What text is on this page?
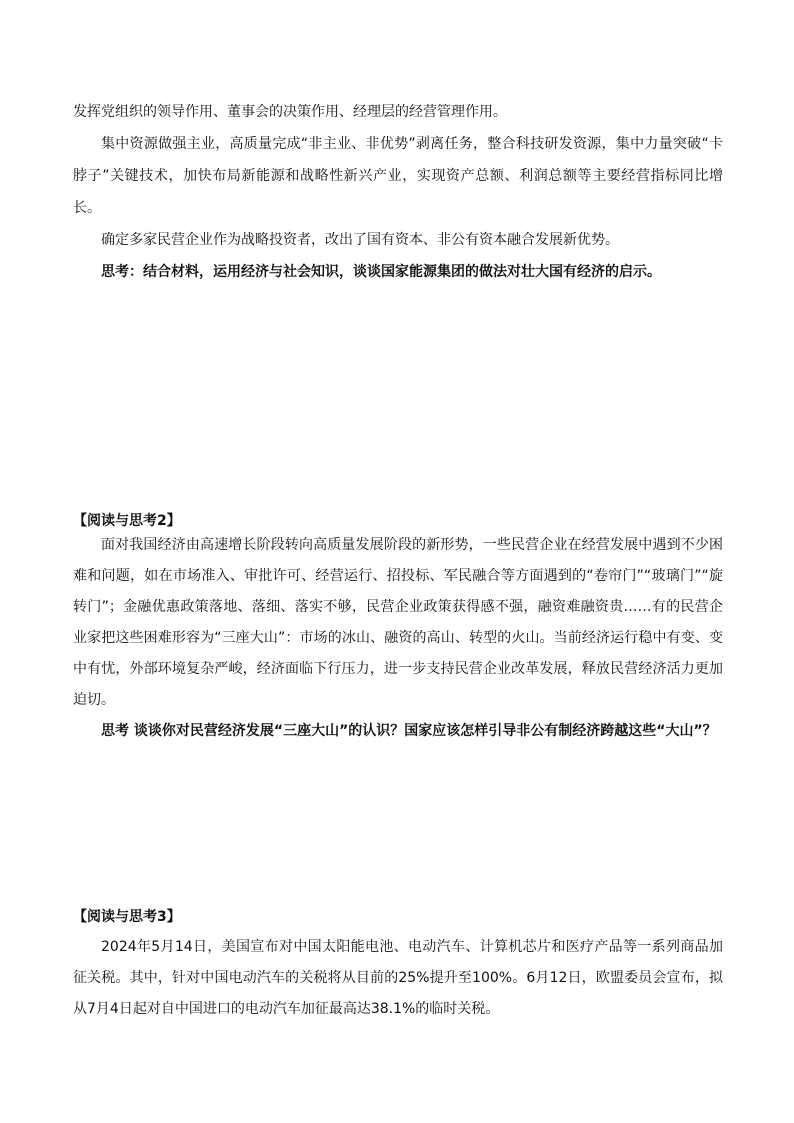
发挥党组织的领导作用、董事会的决策作用、经理层的经营管理作用。

集中资源做强主业，高质量完成“非主业、非优势”剥离任务，整合科技研发资源，集中力量突破“卡脖子”关键技术，加快布局新能源和战略性新兴产业，实现资产总额、利润总额等主要经营指标同比增长。

确定多家民营企业作为战略投资者，改出了国有资本、非公有资本融合发展新优势。

思考：结合材料，运用经济与社会知识，谈谈国家能源集团的做法对壮大国有经济的启示。

【阅读与思考2】

面对我国经济由高速增长阶段转向高质量发展阶段的新形势，一些民营企业在经营发展中遇到不少困难和问题，如在市场准入、审批许可、经营运行、招投标、军民融合等方面遇到的“卷帘门”“玻璃门”“旋转门”；金融优惠政策落地、落细、落实不够，民营企业政策获得感不强，融资难融资贵……有的民营企业家把这些困难形容为“三座大山”：市场的冰山、融资的高山、转型的火山。当前经济运行稳中有变、变中有忧，外部环境复杂严峻，经济面临下行压力，进一步支持民营企业改革发展，释放民营经济活力更加迫切。

思考 谈谈你对民营经济发展“三座大山”的认识？国家应该怎样引导非公有制经济跨越这些“大山”？

【阅读与思考3】

2024年5月14日，美国宣布对中国太阳能电池、电动汽车、计算机芯片和医疗产品等一系列商品加征关税。其中，针对中国电动汽车的关税将从目前的25%提升至100%。6月12日，欧盟委员会宣布，拟从7月4日起对自中国进口的电动汽车加征最高达38.1%的临时关税。
